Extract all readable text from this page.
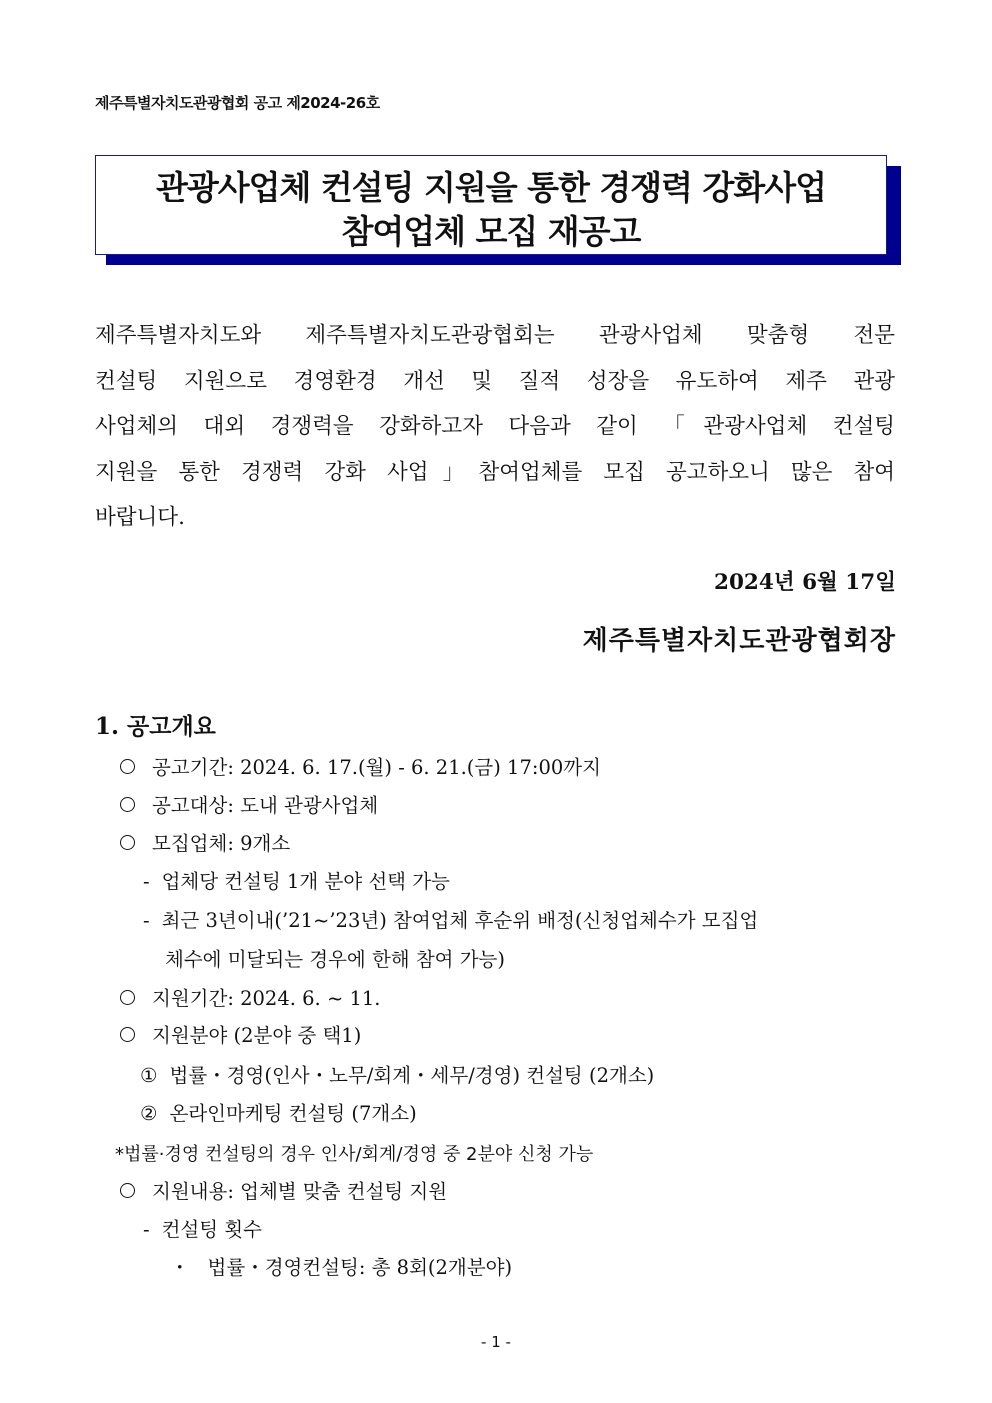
제주특별자치도관광협회 공고 제2024-26호
관광사업체 컨설팅 지원을 통한 경쟁력 강화사업
참여업체 모집 재공고
제주특별자치도와 제주특별자치도관광협회는 관광사업체 맞춤형 전문
컨설팅 지원으로 경영환경 개선 및 질적 성장을 유도하여 제주 관광
사업체의 대외 경쟁력을 강화하고자 다음과 같이 「관광사업체 컨설팅
지원을 통한 경쟁력 강화 사업」참여업체를 모집 공고하오니 많은 참여
바랍니다.
2024년 6월 17일
제주특별자치도관광협회장
1. 공고개요
공고기간: 2024. 6. 17.(월) - 6. 21.(금) 17:00까지
공고대상: 도내 관광사업체
모집업체: 9개소
- 업체당 컨설팅 1개 분야 선택 가능
- 최근 3년이내(’21~’23년) 참여업체 후순위 배정(신청업체수가 모집업
체수에 미달되는 경우에 한해 참여 가능)
지원기간: 2024. 6. ~ 11.
지원분야 (2분야 중 택1)
① 법률・경영(인사・노무/회계・세무/경영) 컨설팅 (2개소)
② 온라인마케팅 컨설팅 (7개소)
*법률·경영 컨설팅의 경우 인사/회계/경영 중 2분야 신청 가능
지원내용: 업체별 맞춤 컨설팅 지원
- 컨설팅 횟수
・ 법률・경영컨설팅: 총 8회(2개분야)
- 1 -
